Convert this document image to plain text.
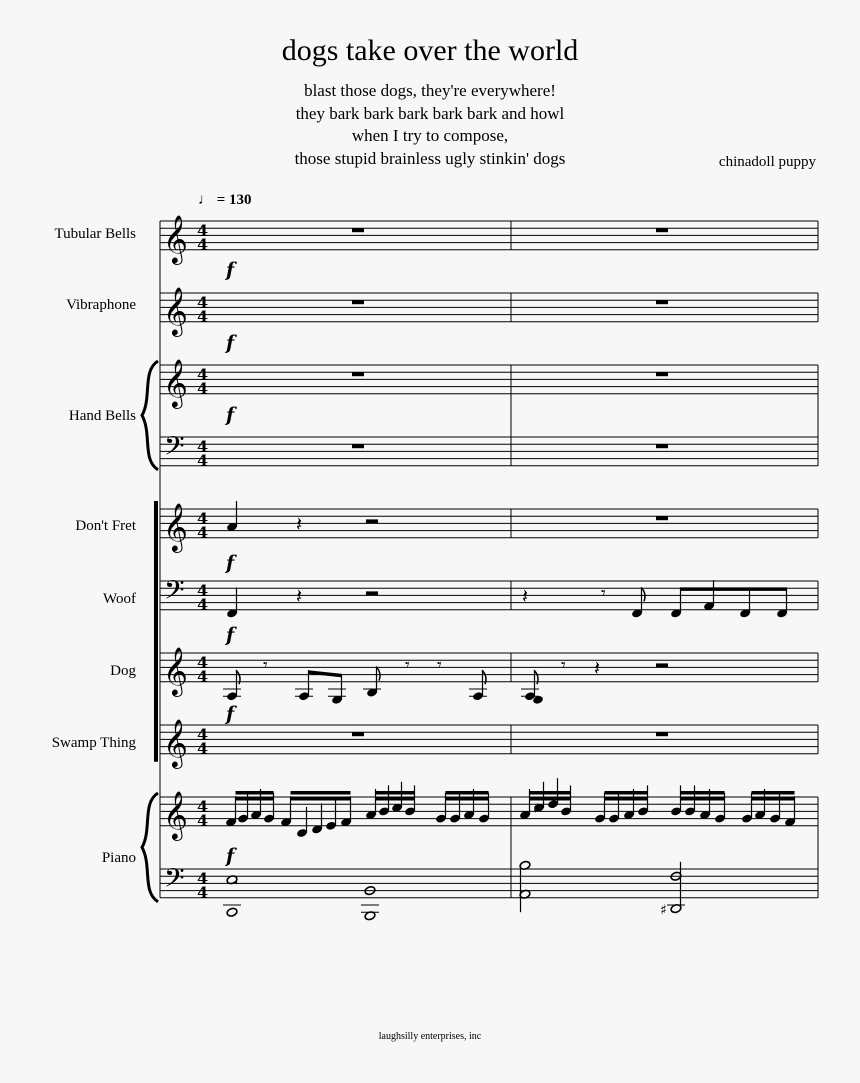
dogs take over the world
blast those dogs, they're everywhere!
they bark bark bark bark bark and howl
when I try to compose,
those stupid brainless ugly stinkin' dogs	chinadoll puppy
♩ = 130
Tubular Bells
Vibraphone
Hand Bells
Don't Fret
Woof
Dog
Swamp Thing
Piano
laughsilly enterprises, inc
𝄞 4
4
𝄞 4
4
𝄞 4
4
𝄢 4
4
𝄞 4
4
𝄢 4
4
𝄞 4
4
𝄞 4
4
𝄞 4
4
𝄢 4
4
𝄽
𝄽	𝄽
𝄽
𝄾	𝄾 𝄾
𝄾
𝄾
♯
♯
f
f
f
f
f
f
f
